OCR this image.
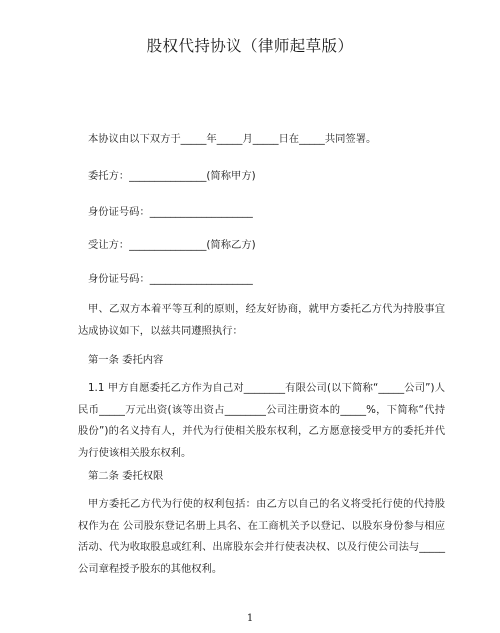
股权代持协议（律师起草版）
本协议由以下双方于_____年_____月_____日在_____共同签署。
委托方：_______________(简称甲方)
身份证号码：____________________
受让方：_______________(简称乙方)
身份证号码：____________________
甲、乙双方本着平等互利的原则，经友好协商，就甲方委托乙方代为持股事宜达成协议如下，以兹共同遵照执行：
第一条 委托内容
1.1 甲方自愿委托乙方作为自己对________有限公司(以下简称“_____公司”)人民币_____万元出资(该等出资占________公司注册资本的_____%，下简称“代持股份”)的名义持有人，并代为行使相关股东权利，乙方愿意接受甲方的委托并代为行使该相关股东权利。
第二条 委托权限
甲方委托乙方代为行使的权利包括：由乙方以自己的名义将受托行使的代持股权作为在 公司股东登记名册上具名、在工商机关予以登记、以股东身份参与相应活动、代为收取股息或红利、出席股东会并行使表决权、以及行使公司法与_____公司章程授予股东的其他权利。
1
